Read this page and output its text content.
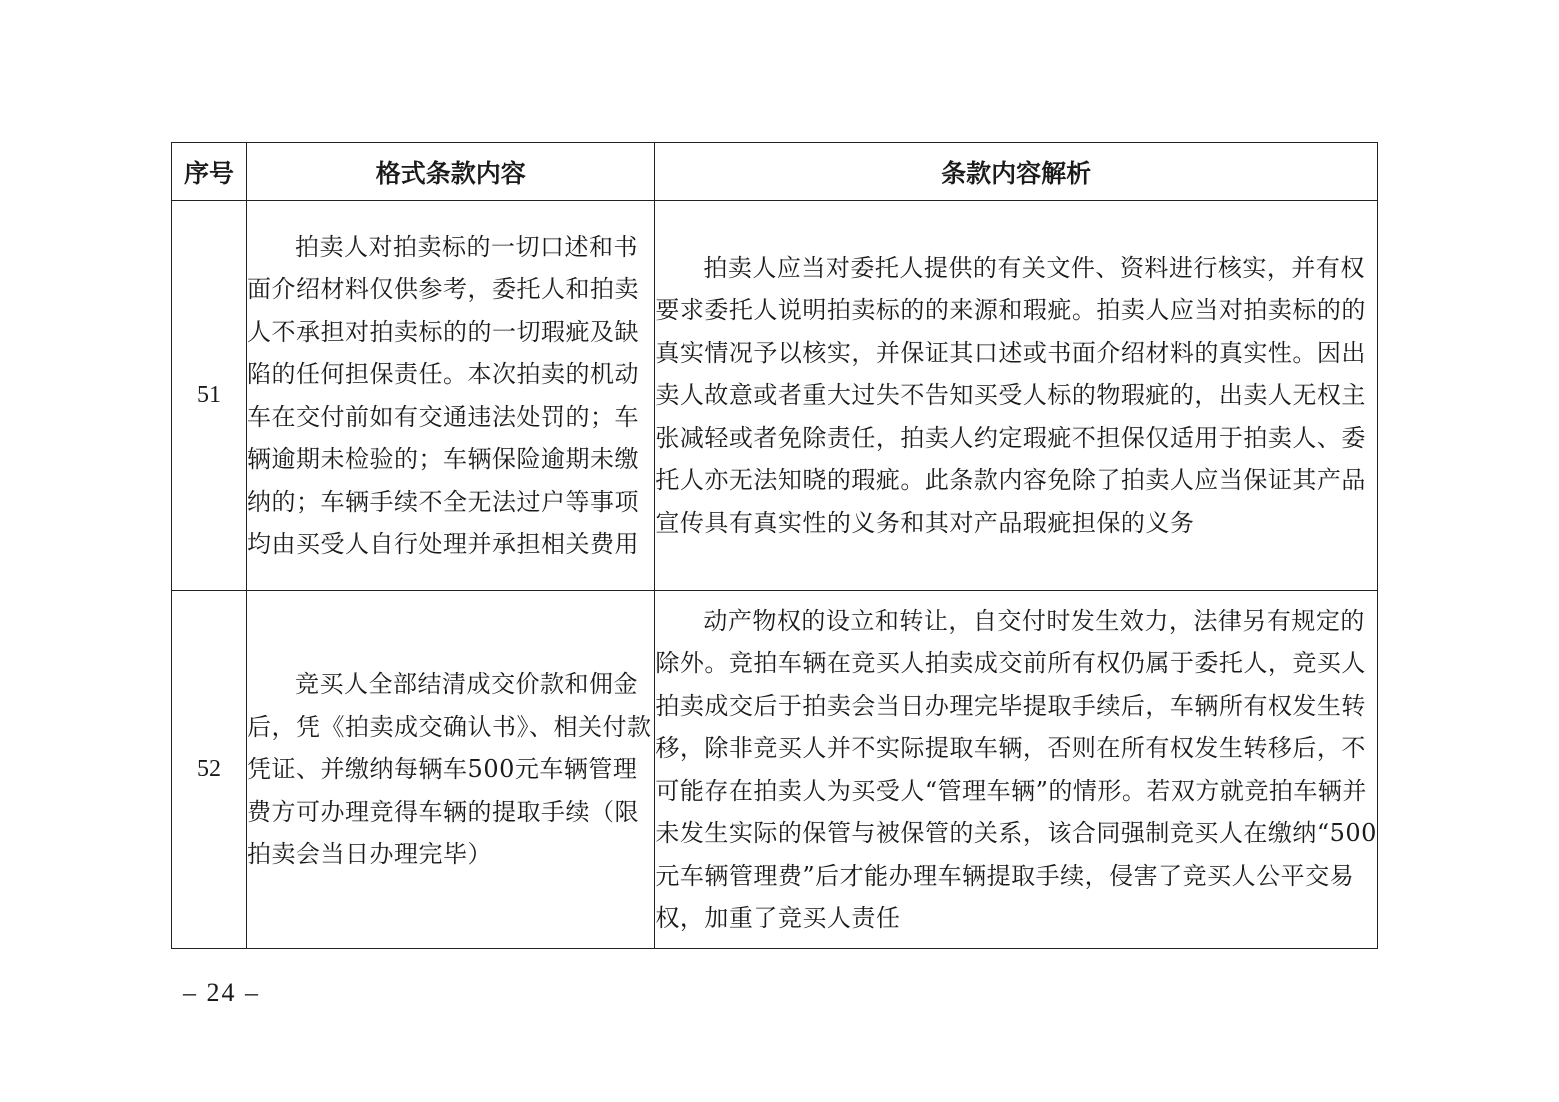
序号	格式条款内容	条款内容解析
51	拍卖人对拍卖标的一切口述和书面介绍材料仅供参考，委托人和拍卖人不承担对拍卖标的的一切瑕疵及缺陷的任何担保责任。本次拍卖的机动车在交付前如有交通违法处罚的；车辆逾期未检验的；车辆保险逾期未缴纳的；车辆手续不全无法过户等事项均由买受人自行处理并承担相关费用	拍卖人应当对委托人提供的有关文件、资料进行核实，并有权要求委托人说明拍卖标的的来源和瑕疵。拍卖人应当对拍卖标的的真实情况予以核实，并保证其口述或书面介绍材料的真实性。因出卖人故意或者重大过失不告知买受人标的物瑕疵的，出卖人无权主张减轻或者免除责任，拍卖人约定瑕疵不担保仅适用于拍卖人、委托人亦无法知晓的瑕疵。此条款内容免除了拍卖人应当保证其产品宣传具有真实性的义务和其对产品瑕疵担保的义务

52	竞买人全部结清成交价款和佣金后，凭《拍卖成交确认书》、相关付款凭证、并缴纳每辆车500元车辆管理费方可办理竞得车辆的提取手续（限拍卖会当日办理完毕）	动产物权的设立和转让，自交付时发生效力，法律另有规定的除外。竞拍车辆在竞买人拍卖成交前所有权仍属于委托人，竞买人拍卖成交后于拍卖会当日办理完毕提取手续后，车辆所有权发生转移，除非竞买人并不实际提取车辆，否则在所有权发生转移后，不可能存在拍卖人为买受人“管理车辆”的情形。若双方就竞拍车辆并未发生实际的保管与被保管的关系，该合同强制竞买人在缴纳“500元车辆管理费”后才能办理车辆提取手续，侵害了竞买人公平交易权，加重了竞买人责任

– 24 –
